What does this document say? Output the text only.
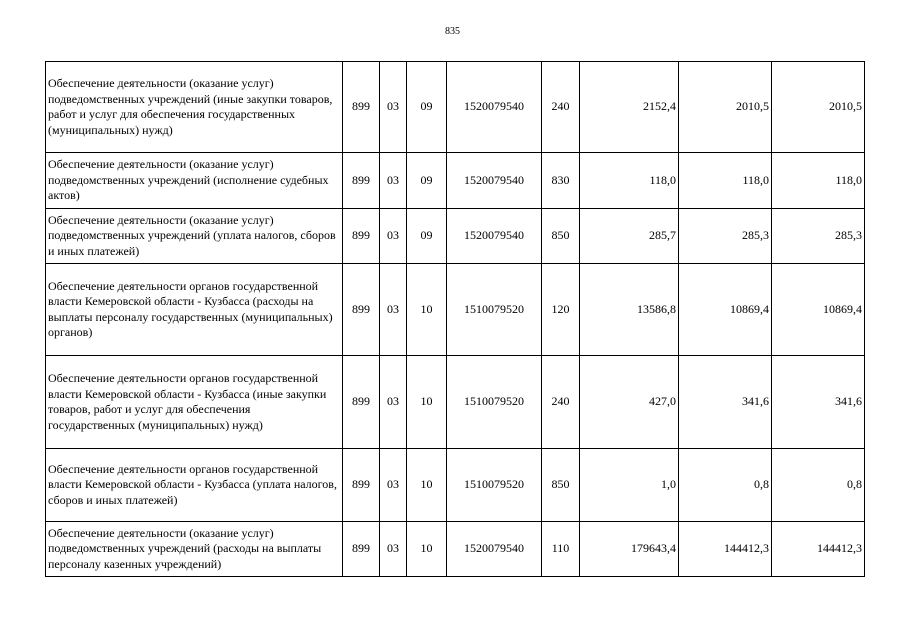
835
Обеспечение деятельности (оказание услуг) подведомственных учреждений (иные закупки товаров, работ и услуг для обеспечения государственных (муниципальных) нужд)	899	03	09	1520079540	240	2152,4	2010,5	2010,5
Обеспечение деятельности (оказание услуг) подведомственных учреждений (исполнение судебных актов)	899	03	09	1520079540	830	118,0	118,0	118,0
Обеспечение деятельности (оказание услуг) подведомственных учреждений (уплата налогов, сборов и иных платежей)	899	03	09	1520079540	850	285,7	285,3	285,3
Обеспечение деятельности органов государственной власти Кемеровской области - Кузбасса (расходы на выплаты персоналу государственных (муниципальных) органов)	899	03	10	1510079520	120	13586,8	10869,4	10869,4
Обеспечение деятельности органов государственной власти Кемеровской области - Кузбасса (иные закупки товаров, работ и услуг для обеспечения государственных (муниципальных) нужд)	899	03	10	1510079520	240	427,0	341,6	341,6
Обеспечение деятельности органов государственной власти Кемеровской области - Кузбасса (уплата налогов, сборов и иных платежей)	899	03	10	1510079520	850	1,0	0,8	0,8
Обеспечение деятельности (оказание услуг) подведомственных учреждений (расходы на выплаты персоналу казенных учреждений)	899	03	10	1520079540	110	179643,4	144412,3	144412,3
